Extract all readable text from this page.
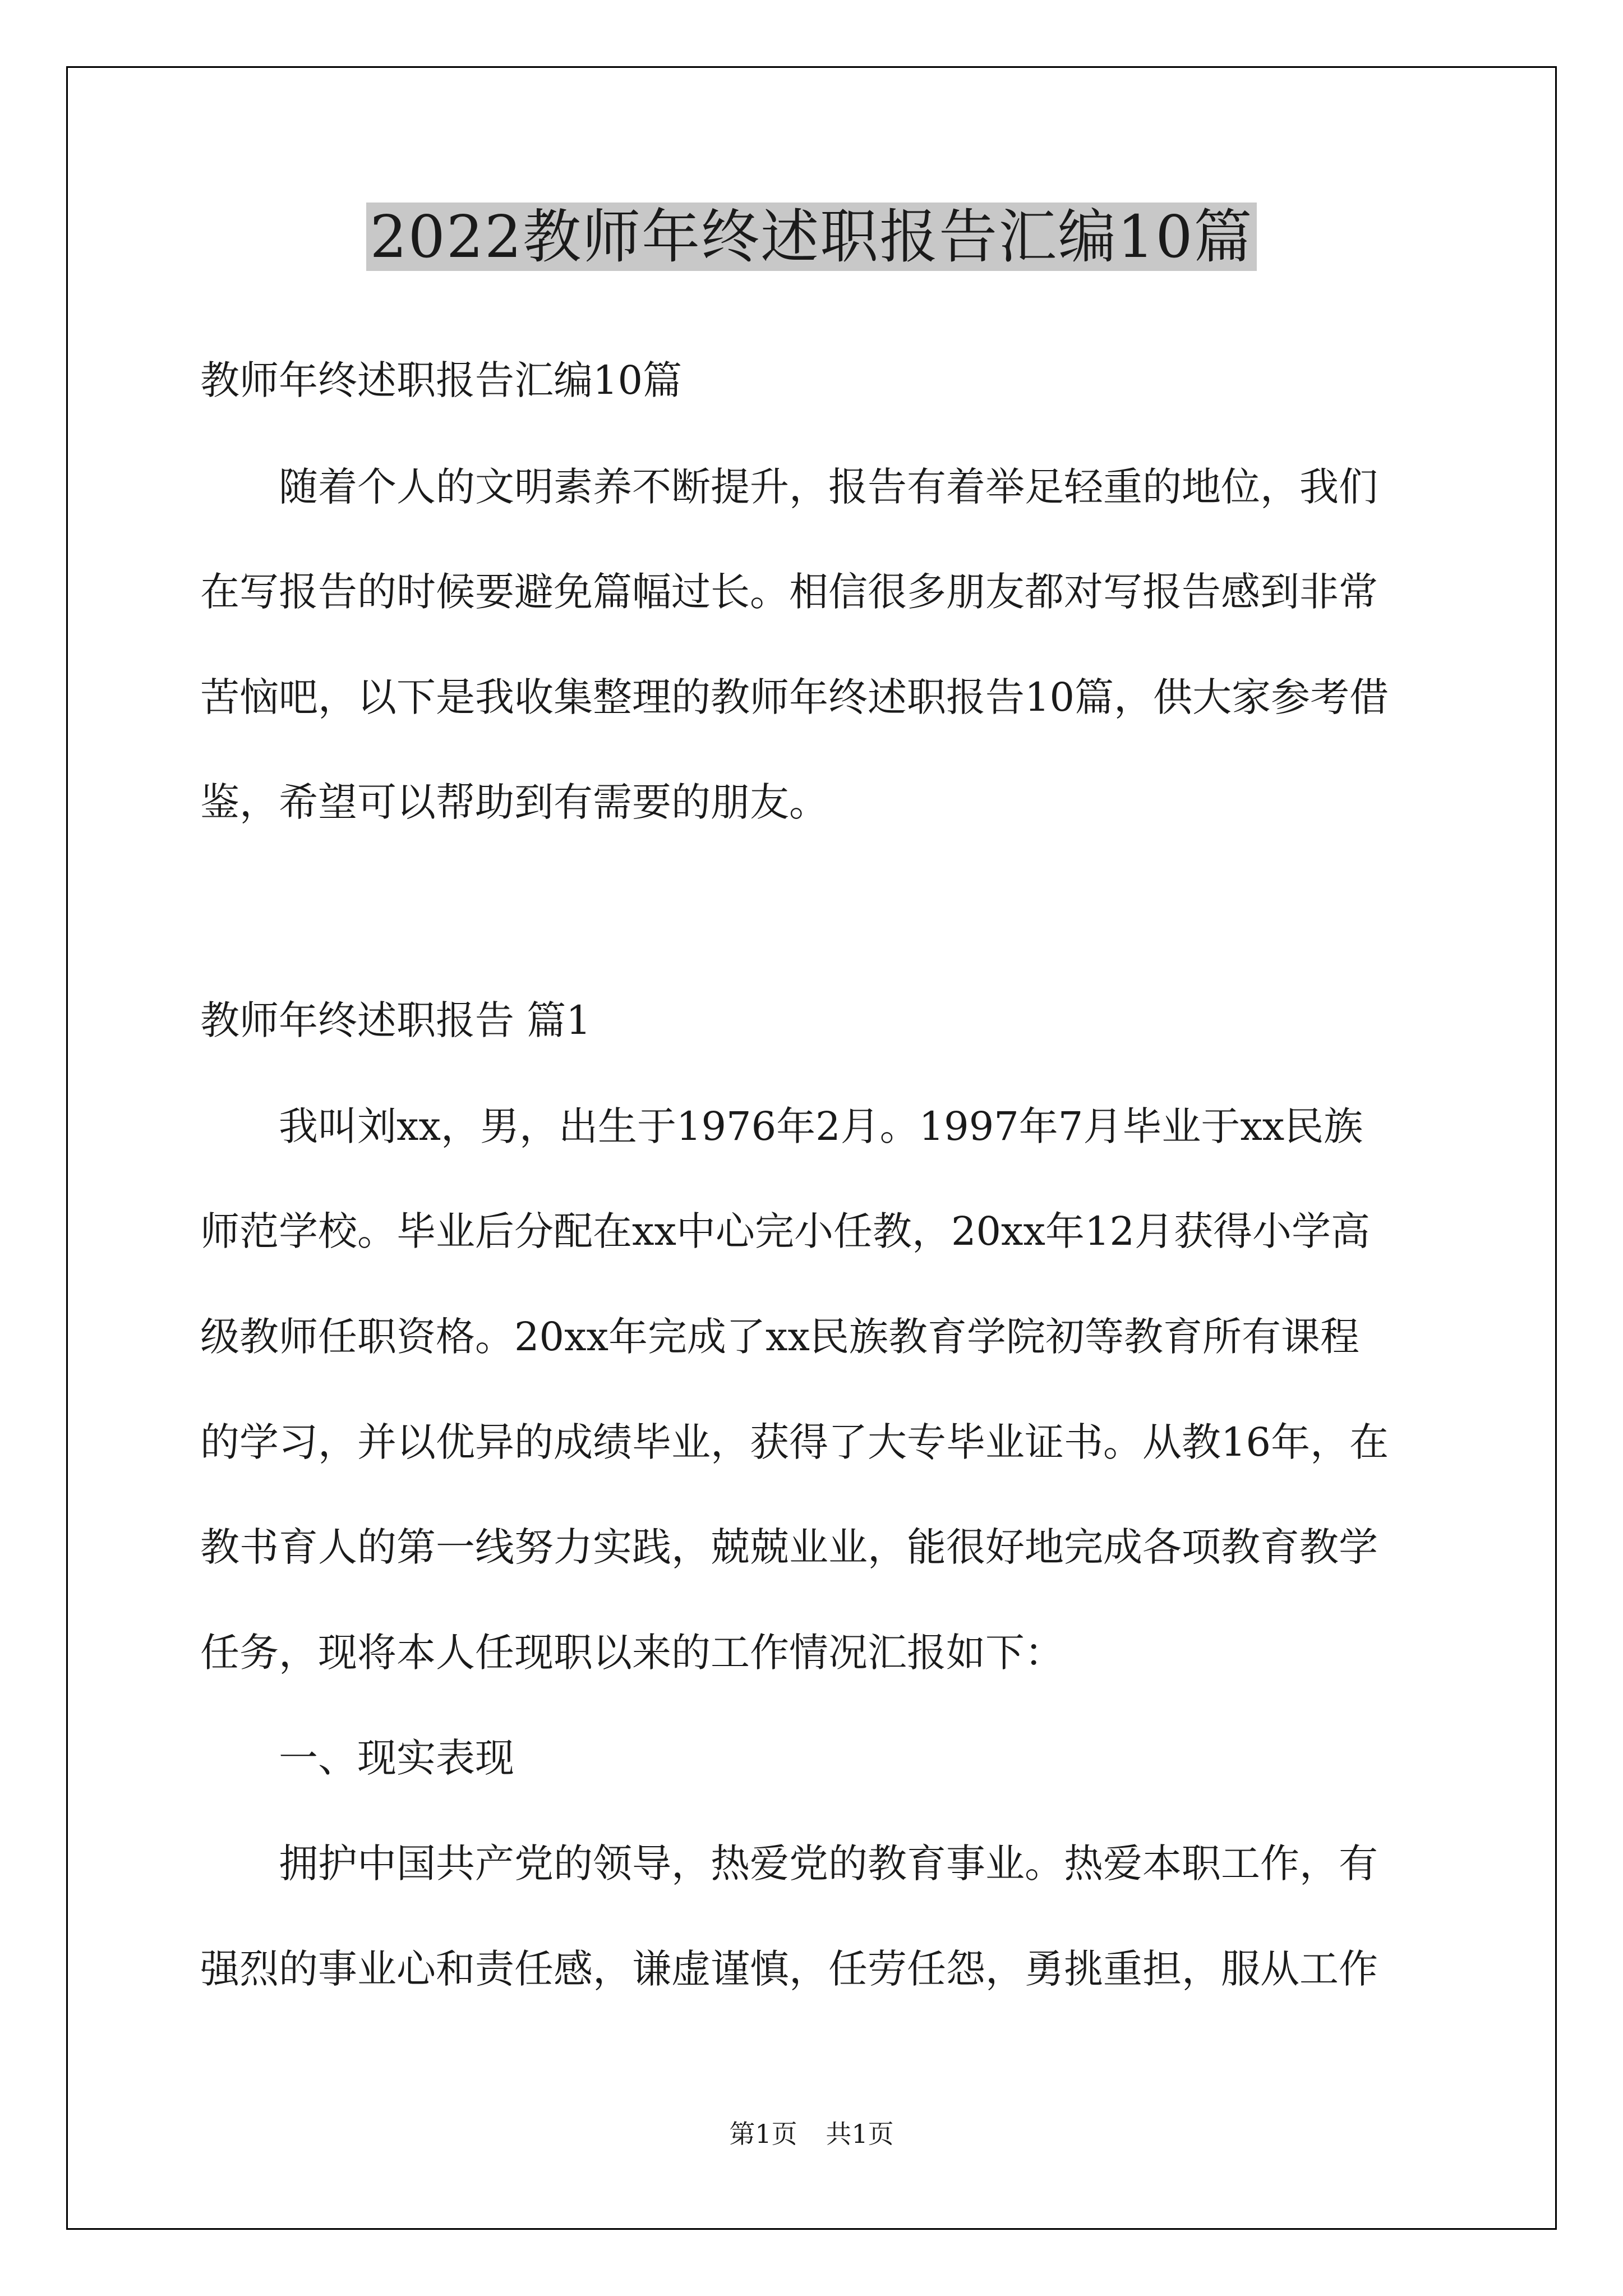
2022教师年终述职报告汇编10篇
教师年终述职报告汇编10篇
随着个人的文明素养不断提升，报告有着举足轻重的地位，我们
在写报告的时候要避免篇幅过长。相信很多朋友都对写报告感到非常
苦恼吧，以下是我收集整理的教师年终述职报告10篇，供大家参考借
鉴，希望可以帮助到有需要的朋友。
教师年终述职报告 篇1
我叫刘xx，男，出生于1976年2月。1997年7月毕业于xx民族
师范学校。毕业后分配在xx中心完小任教，20xx年12月获得小学高
级教师任职资格。20xx年完成了xx民族教育学院初等教育所有课程
的学习，并以优异的成绩毕业，获得了大专毕业证书。从教16年，在
教书育人的第一线努力实践，兢兢业业，能很好地完成各项教育教学
任务，现将本人任现职以来的工作情况汇报如下：
一、现实表现
拥护中国共产党的领导，热爱党的教育事业。热爱本职工作，有
强烈的事业心和责任感，谦虚谨慎，任劳任怨，勇挑重担，服从工作
第1页 共1页
